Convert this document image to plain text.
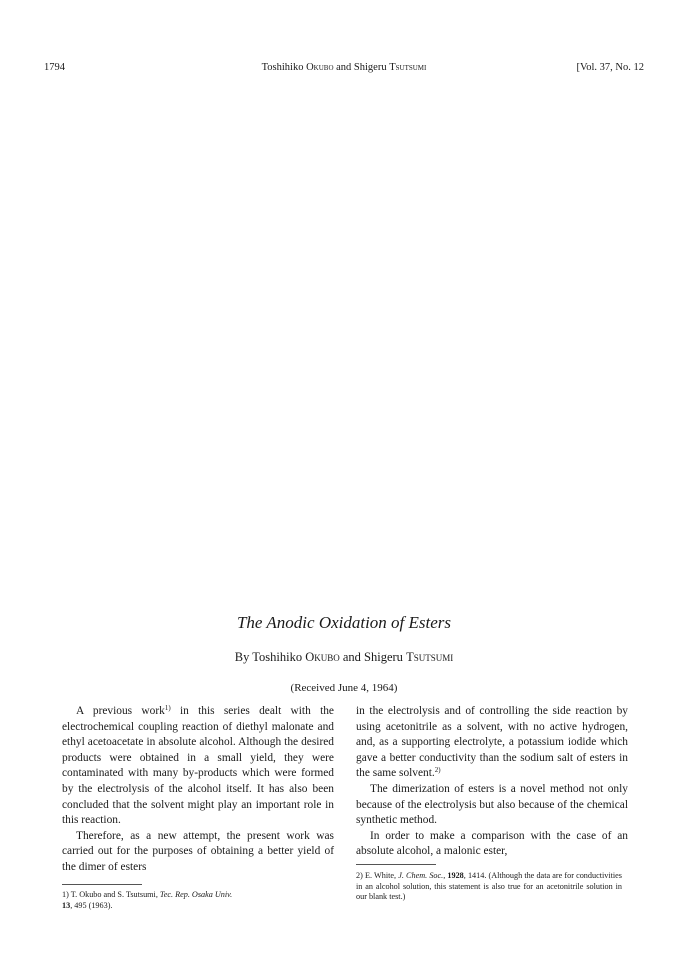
1794	Toshihiko Okubo and Shigeru Tsutsumi	[Vol. 37, No. 12
The Anodic Oxidation of Esters
By Toshihiko Okubo and Shigeru Tsutsumi
(Received June 4, 1964)

A previous work$^{1)}$ in this series dealt with the electrochemical coupling reaction of diethyl malonate and ethyl acetoacetate in absolute alcohol. Although the desired products were obtained in a small yield, they were contaminated with many by-products which were formed by the electrolysis of the alcohol itself. It has also been concluded that the solvent might play an important role in this reaction.

Therefore, as a new attempt, the present work was carried out for the purposes of obtaining a better yield of the dimer of esters

in the electrolysis and of controlling the side reaction by using acetonitrile as a solvent, with no active hydrogen, and, as a supporting electrolyte, a potassium iodide which gave a better conductivity than the sodium salt of esters in the same solvent.$^{2)}$

The dimerization of esters is a novel method not only because of the electrolysis but also because of the chemical synthetic method.

In order to make a comparison with the case of an absolute alcohol, a malonic ester,

1) T. Okubo and S. Tsutsumi, Tec. Rep. Osaka Univ.
13, 495 (1963).
2) E. White, J. Chem. Soc., 1928, 1414. (Although the data are for conductivities in an alcohol solution, this statement is also true for an acetonitrile solution in our blank test.)
